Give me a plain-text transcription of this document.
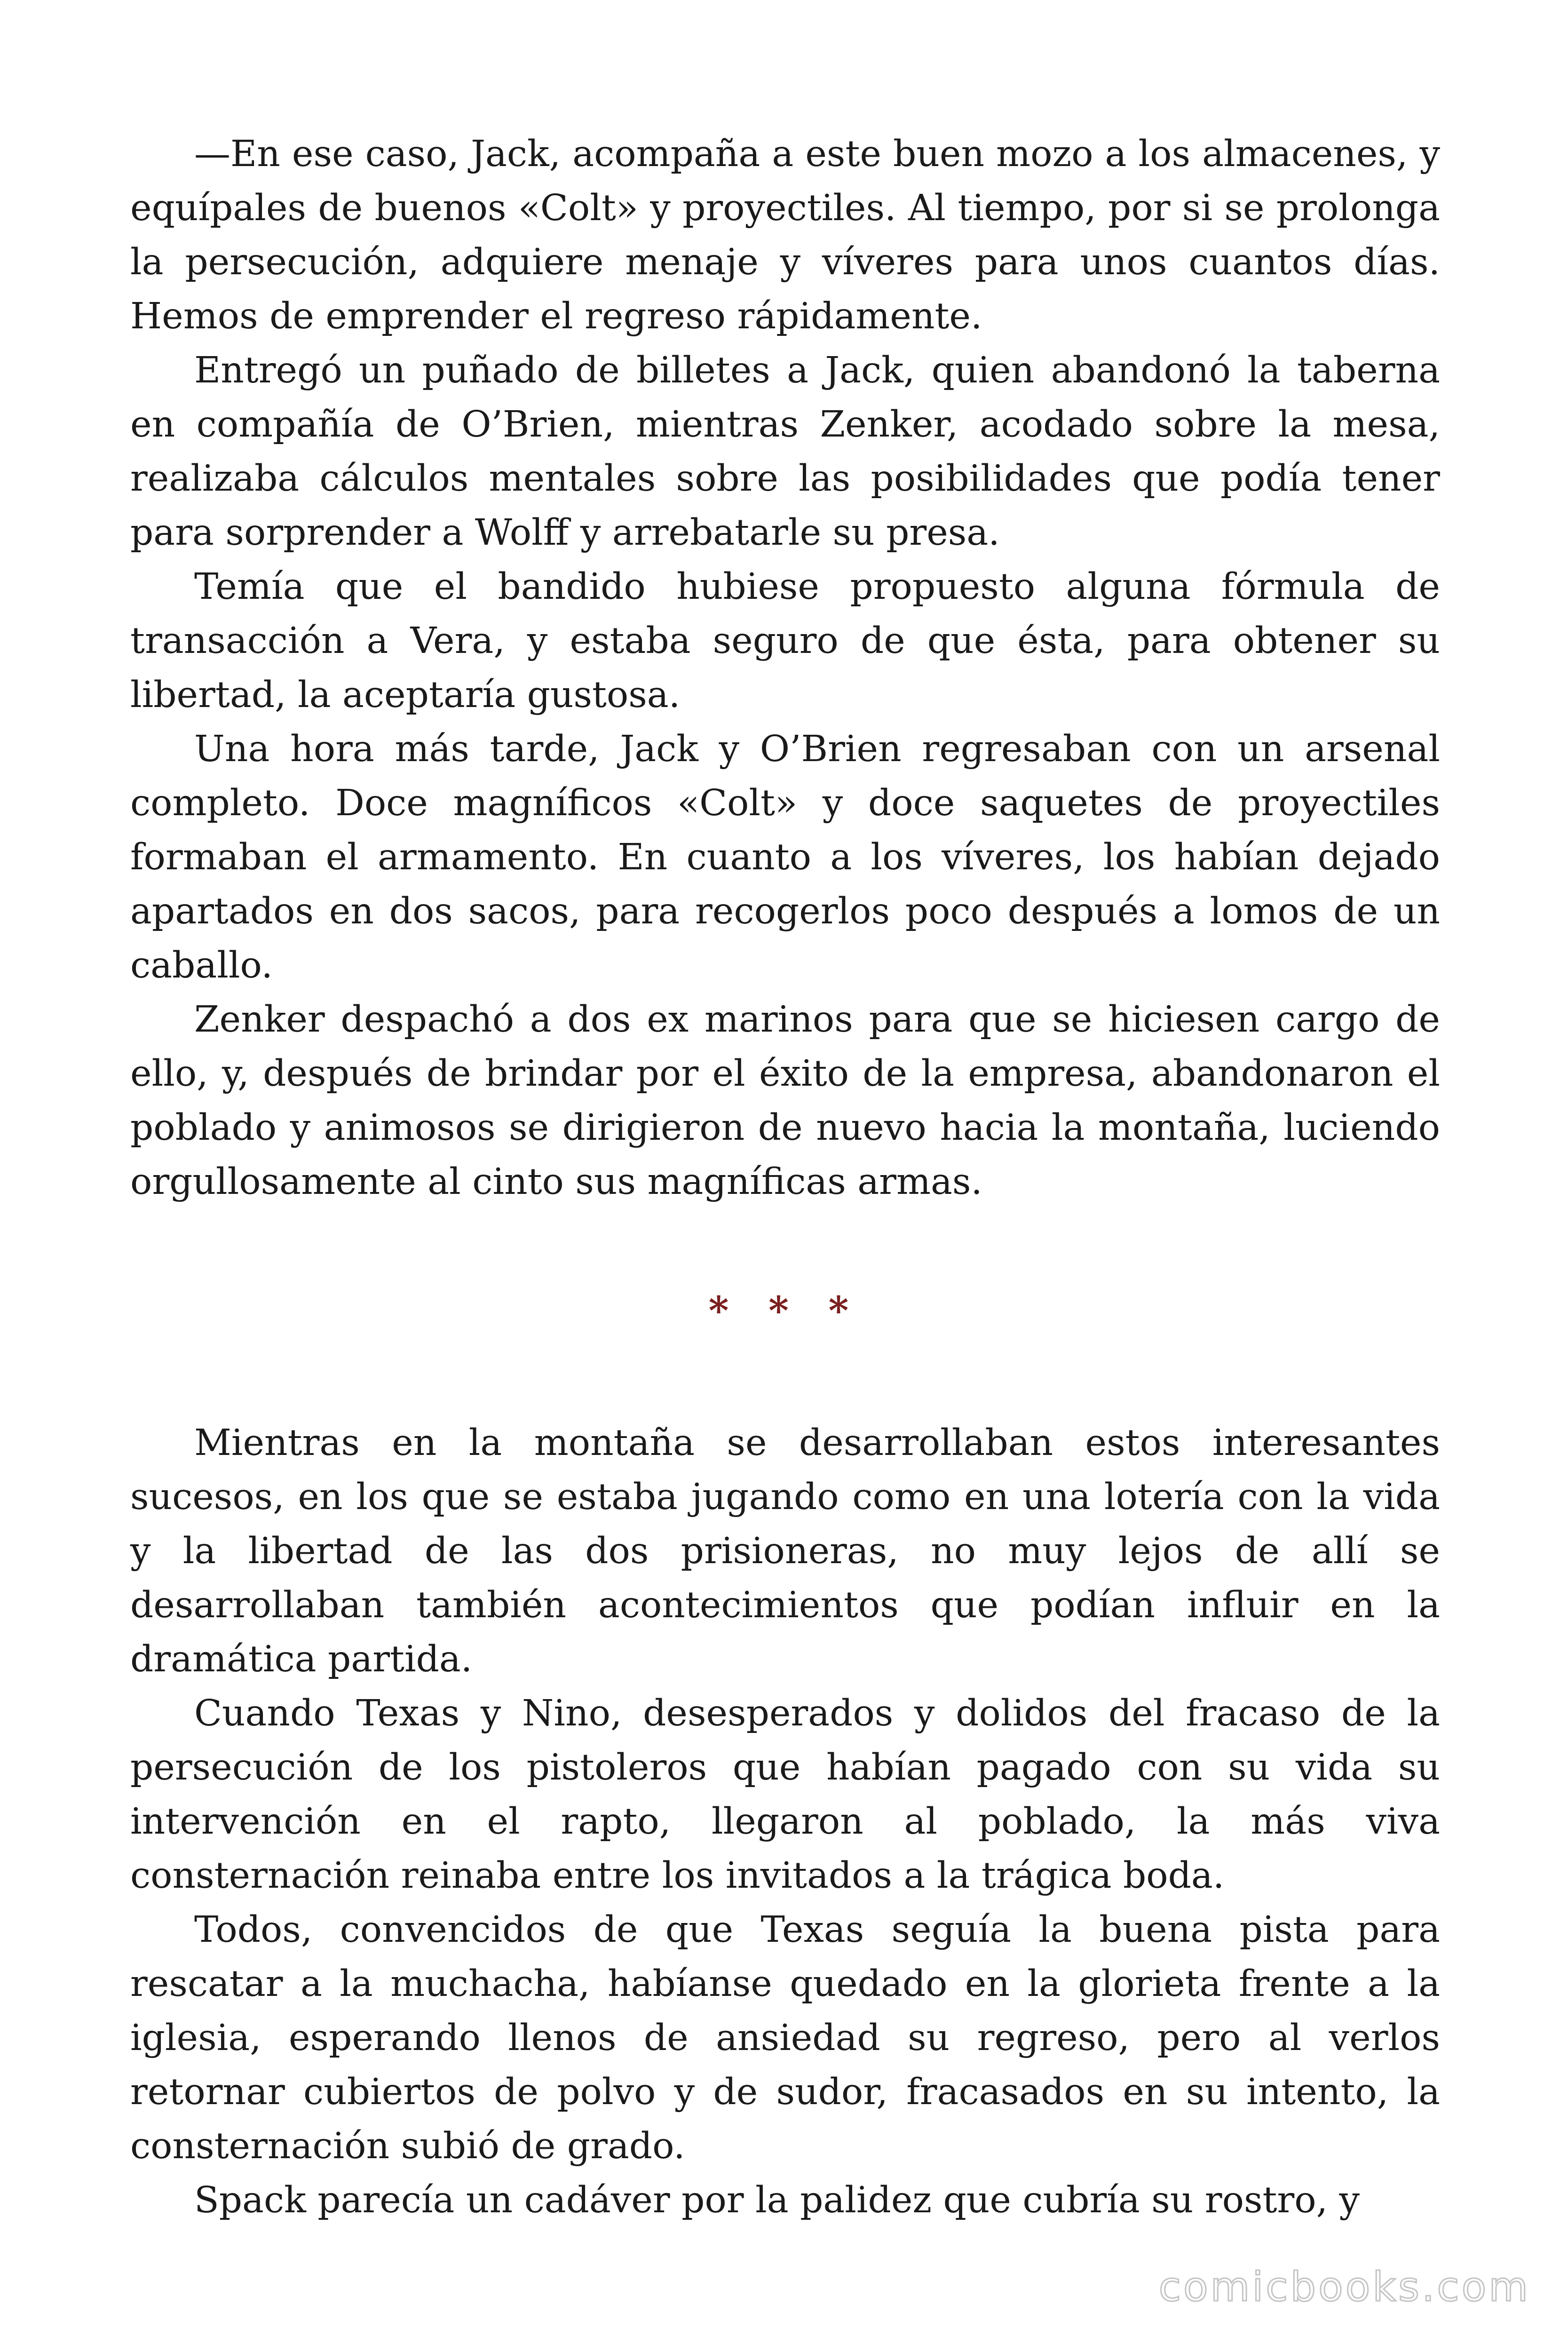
—En ese caso, Jack, acompaña a este buen mozo a los almacenes, y equípales de buenos «Colt» y proyectiles. Al tiempo, por si se prolonga la persecución, adquiere menaje y víveres para unos cuantos días. Hemos de emprender el regreso rápidamente.

Entregó un puñado de billetes a Jack, quien abandonó la taberna en compañía de O’Brien, mientras Zenker, acodado sobre la mesa, realizaba cálculos mentales sobre las posibilidades que podía tener para sorprender a Wolff y arrebatarle su presa.

Temía que el bandido hubiese propuesto alguna fórmula de transacción a Vera, y estaba seguro de que ésta, para obtener su libertad, la aceptaría gustosa.

Una hora más tarde, Jack y O’Brien regresaban con un arsenal completo. Doce magníficos «Colt» y doce saquetes de proyectiles formaban el armamento. En cuanto a los víveres, los habían dejado apartados en dos sacos, para recogerlos poco después a lomos de un caballo.

Zenker despachó a dos ex marinos para que se hiciesen cargo de ello, y, después de brindar por el éxito de la empresa, abandonaron el poblado y animosos se dirigieron de nuevo hacia la montaña, luciendo orgullosamente al cinto sus magníficas armas.

* * *

Mientras en la montaña se desarrollaban estos interesantes sucesos, en los que se estaba jugando como en una lotería con la vida y la libertad de las dos prisioneras, no muy lejos de allí se desarrollaban también acontecimientos que podían influir en la dramática partida.

Cuando Texas y Nino, desesperados y dolidos del fracaso de la persecución de los pistoleros que habían pagado con su vida su intervención en el rapto, llegaron al poblado, la más viva consternación reinaba entre los invitados a la trágica boda.

Todos, convencidos de que Texas seguía la buena pista para rescatar a la muchacha, habíanse quedado en la glorieta frente a la iglesia, esperando llenos de ansiedad su regreso, pero al verlos retornar cubiertos de polvo y de sudor, fracasados en su intento, la consternación subió de grado.

Spack parecía un cadáver por la palidez que cubría su rostro, y

comicbooks.com
